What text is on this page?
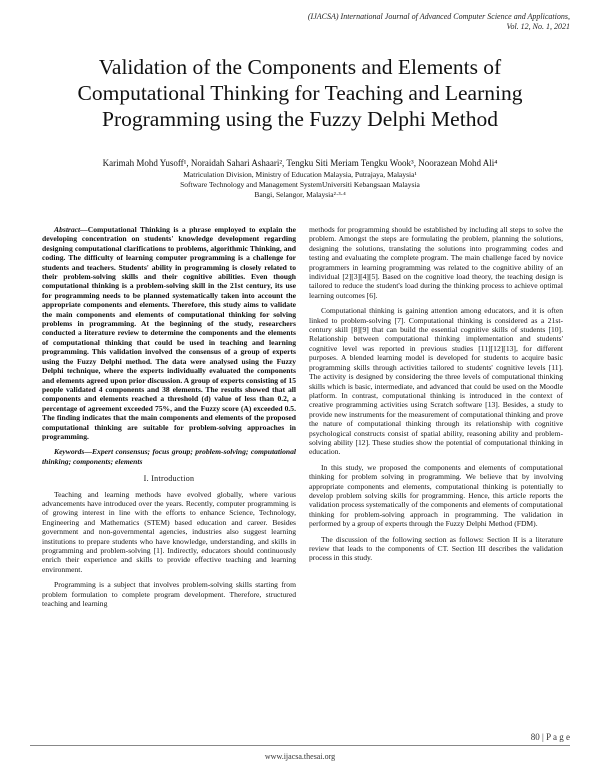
(IJACSA) International Journal of Advanced Computer Science and Applications,
Vol. 12, No. 1, 2021
Validation of the Components and Elements of Computational Thinking for Teaching and Learning Programming using the Fuzzy Delphi Method
Karimah Mohd Yusoff¹, Noraidah Sahari Ashaari², Tengku Siti Meriam Tengku Wook³, Noorazean Mohd Ali⁴
Matriculation Division, Ministry of Education Malaysia, Putrajaya, Malaysia¹
Software Technology and Management SystemUniversiti Kebangsaan Malaysia
Bangi, Selangor, Malaysia²·³·⁴

Abstract—Computational Thinking is a phrase employed to explain the developing concentration on students' knowledge development regarding designing computational clarifications to problems, algorithmic Thinking, and coding. The difficulty of learning computer programming is a challenge for students and teachers. Students' ability in programming is closely related to their problem-solving skills and their cognitive abilities. Even though computational thinking is a problem-solving skill in the 21st century, its use for programming needs to be planned systematically taken into account the appropriate components and elements. Therefore, this study aims to validate the main components and elements of computational thinking for solving problems in programming. At the beginning of the study, researchers conducted a literature review to determine the components and the elements of computational thinking that could be used in teaching and learning programming. This validation involved the consensus of a group of experts using the Fuzzy Delphi method. The data were analysed using the Fuzzy Delphi technique, where the experts individually evaluated the components and elements agreed upon prior discussion. A group of experts consisting of 15 people validated 4 components and 38 elements. The results showed that all components and elements reached a threshold (d) value of less than 0.2, a percentage of agreement exceeded 75%, and the Fuzzy score (A) exceeded 0.5. The finding indicates that the main components and elements of the proposed computational thinking are suitable for problem-solving approaches in programming.

Keywords—Expert consensus; focus group; problem-solving; computational thinking; components; elements

I. Introduction

Teaching and learning methods have evolved globally, where various advancements have introduced over the years. Recently, computer programming is of growing interest in line with the efforts to enhance Science, Technology, Engineering and Mathematics (STEM) based education and career. Besides government and non-governmental agencies, industries also suggest learning institutions to prepare students who have knowledge, understanding, and skills in programming and problem-solving [1]. Indirectly, educators should continuously enrich their experience and skills to provide effective teaching and learning environment.

Programming is a subject that involves problem-solving skills starting from problem formulation to complete program development. Therefore, structured teaching and learning

methods for programming should be established by including all steps to solve the problem. Amongst the steps are formulating the problem, planning the solutions, designing the solutions, translating the solutions into programming codes and testing and evaluating the complete program. The main challenge faced by novice programmers in learning programming was related to the cognitive ability of an individual [2][3][4][5]. Based on the cognitive load theory, the teaching design is tailored to reduce the student's load during the thinking process to achieve optimal learning outcomes [6].

Computational thinking is gaining attention among educators, and it is often linked to problem-solving [7]. Computational thinking is considered as a 21st-century skill [8][9] that can build the essential cognitive skills of students [10]. Relationship between computational thinking implementation and students' cognitive level was reported in previous studies [11][12][13], for different purposes. A blended learning model is developed for students to acquire basic programming skills through activities tailored to students' cognitive levels [11]. The activity is designed by considering the three levels of computational thinking skills which is basic, intermediate, and advanced that could be used on the Moodle platform. In contrast, computational thinking is introduced in the context of creative programming activities using Scratch software [13]. Besides, a study to provide new instruments for the measurement of computational thinking and prove the nature of computational thinking through its relationship with cognitive psychological constructs consist of spatial ability, reasoning ability and problem-solving ability [12]. These studies show the potential of computational thinking in education.

In this study, we proposed the components and elements of computational thinking for problem solving in programming. We believe that by involving appropriate components and elements, computational thinking is potentially to develop problem solving skills for programming. Hence, this article reports the validation process systematically of the components and elements of computational thinking for problem-solving approach in programming. The validation in performed by a group of experts through the Fuzzy Delphi Method (FDM).

The discussion of the following section as follows: Section II is a literature review that leads to the components of CT. Section III describes the validation process in this study.

80 | P a g e
www.ijacsa.thesai.org
